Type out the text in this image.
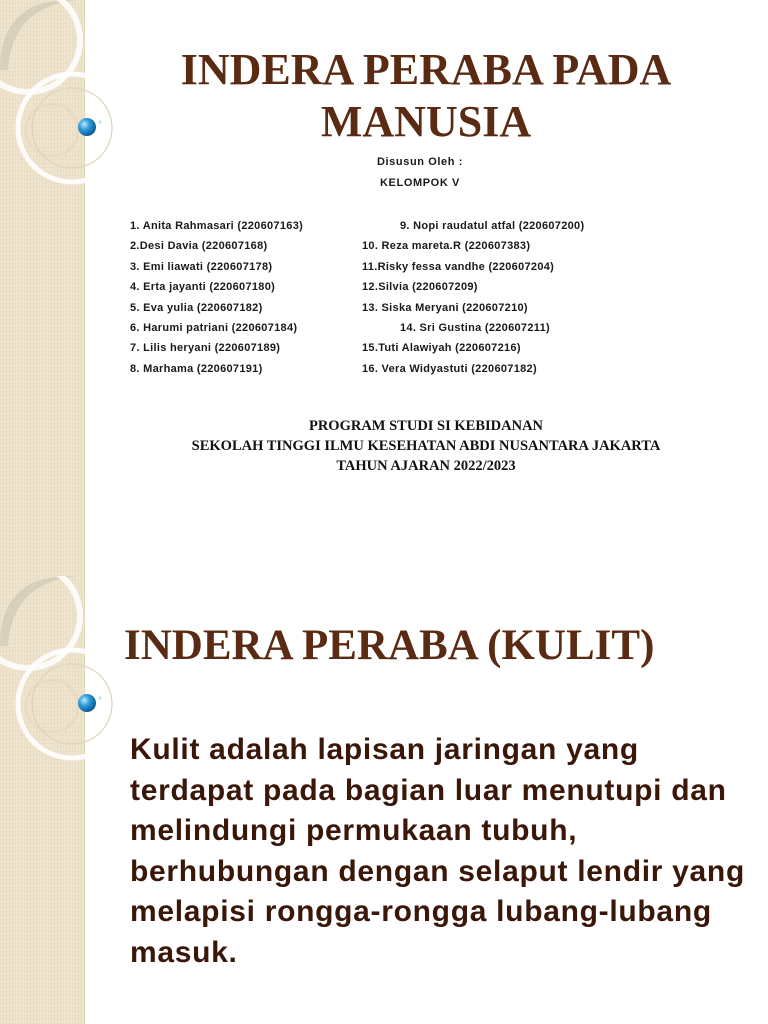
INDERA PERABA PADA
MANUSIA
Disusun Oleh :
KELOMPOK V
1. Anita Rahmasari (220607163)
2.Desi Davia (220607168)
3. Emi liawati (220607178)
4. Erta jayanti (220607180)
5. Eva yulia (220607182)
6. Harumi patriani (220607184)
7. Lilis heryani (220607189)
8. Marhama (220607191)
9. Nopi raudatul atfal (220607200)
10. Reza mareta.R (220607383)
11.Risky fessa vandhe (220607204)
12.Silvia (220607209)
13. Siska Meryani (220607210)
14. Sri Gustina (220607211)
15.Tuti Alawiyah (220607216)
16. Vera Widyastuti (220607182)
PROGRAM STUDI SI KEBIDANAN
SEKOLAH TINGGI ILMU KESEHATAN ABDI NUSANTARA JAKARTA
TAHUN AJARAN 2022/2023
INDERA PERABA (KULIT)

Kulit adalah lapisan jaringan yang terdapat pada bagian luar menutupi dan melindungi permukaan tubuh, berhubungan dengan selaput lendir yang melapisi rongga-rongga lubang-lubang masuk.
